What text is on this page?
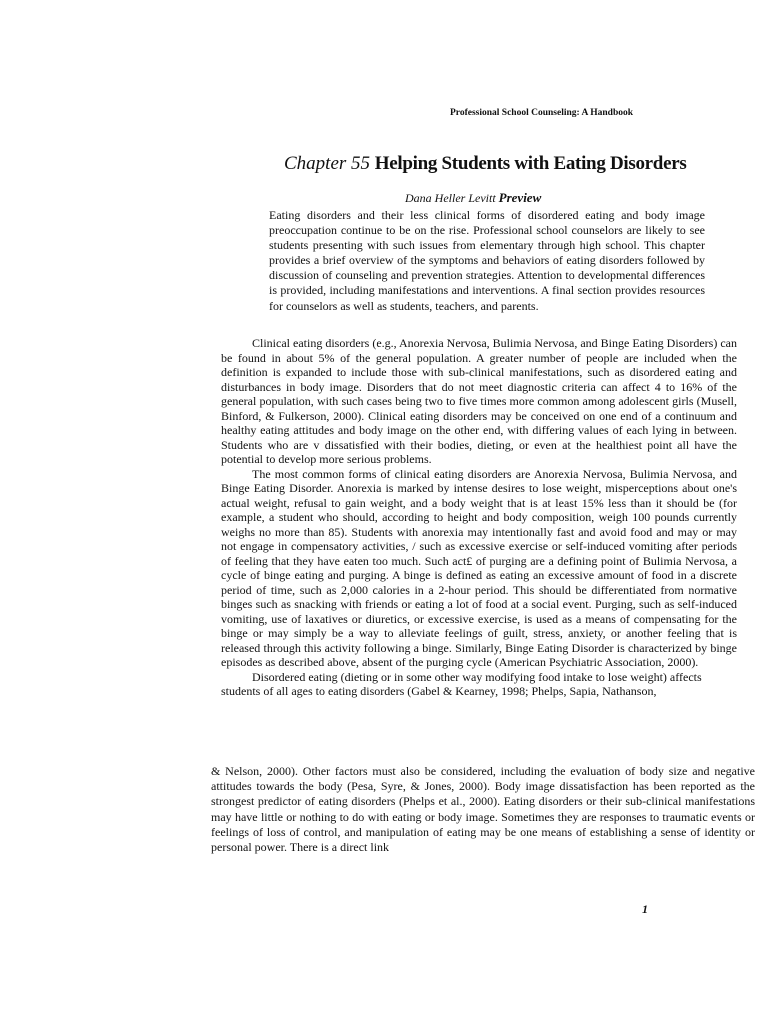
Professional School Counseling: A Handbook
Chapter 55 Helping Students with Eating Disorders
Dana Heller Levitt Preview
Eating disorders and their less clinical forms of disordered eating and body image preoccupation continue to be on the rise. Professional school counselors are likely to see students presenting with such issues from elementary through high school. This chapter provides a brief overview of the symptoms and behaviors of eating disorders followed by discussion of counseling and prevention strategies. Attention to developmental differences is provided, including manifestations and interventions. A final section provides resources for counselors as well as students, teachers, and parents.

Clinical eating disorders (e.g., Anorexia Nervosa, Bulimia Nervosa, and Binge Eating Disorders) can be found in about 5% of the general population. A greater number of people are included when the definition is expanded to include those with sub-clinical manifestations, such as disordered eating and disturbances in body image. Disorders that do not meet diagnostic criteria can affect 4 to 16% of the general population, with such cases being two to five times more common among adolescent girls (Musell, Binford, & Fulkerson, 2000). Clinical eating disorders may be conceived on one end of a continuum and healthy eating attitudes and body image on the other end, with differing values of each lying in between. Students who are v dissatisfied with their bodies, dieting, or even at the healthiest point all have the potential to develop more serious problems.

The most common forms of clinical eating disorders are Anorexia Nervosa, Bulimia Nervosa, and Binge Eating Disorder. Anorexia is marked by intense desires to lose weight, misperceptions about one's actual weight, refusal to gain weight, and a body weight that is at least 15% less than it should be (for example, a student who should, according to height and body composition, weigh 100 pounds currently weighs no more than 85). Students with anorexia may intentionally fast and avoid food and may or may not engage in compensatory activities, / such as excessive exercise or self-induced vomiting after periods of feeling that they have eaten too much. Such act£ of purging are a defining point of Bulimia Nervosa, a cycle of binge eating and purging. A binge is defined as eating an excessive amount of food in a discrete period of time, such as 2,000 calories in a 2-hour period. This should be differentiated from normative binges such as snacking with friends or eating a lot of food at a social event. Purging, such as self-induced vomiting, use of laxatives or diuretics, or excessive exercise, is used as a means of compensating for the binge or may simply be a way to alleviate feelings of guilt, stress, anxiety, or another feeling that is released through this activity following a binge. Similarly, Binge Eating Disorder is characterized by binge episodes as described above, absent of the purging cycle (American Psychiatric Association, 2000).

Disordered eating (dieting or in some other way modifying food intake to lose weight) affects students of all ages to eating disorders (Gabel & Kearney, 1998; Phelps, Sapia, Nathanson,

& Nelson, 2000). Other factors must also be considered, including the evaluation of body size and negative attitudes towards the body (Pesa, Syre, & Jones, 2000). Body image dissatisfaction has been reported as the strongest predictor of eating disorders (Phelps et al., 2000). Eating disorders or their sub-clinical manifestations may have little or nothing to do with eating or body image. Sometimes they are responses to traumatic events or feelings of loss of control, and manipulation of eating may be one means of establishing a sense of identity or personal power. There is a direct link

1
